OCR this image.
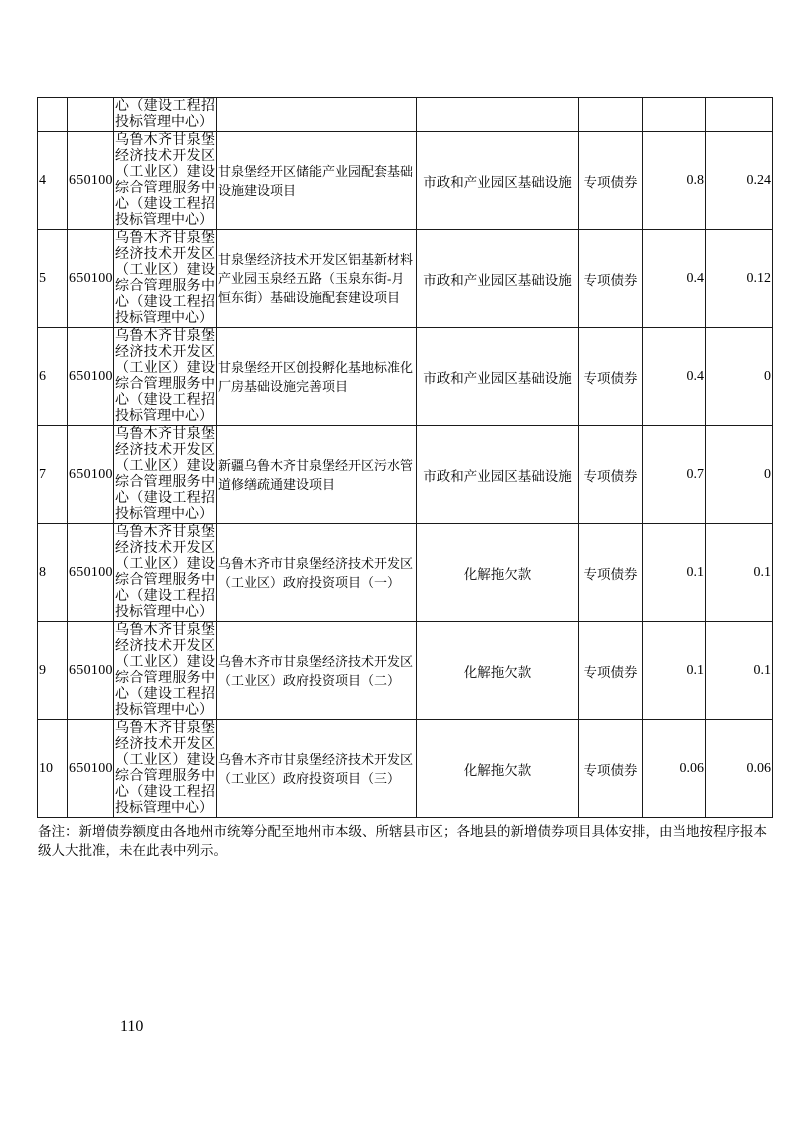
		心（建设工程招投标管理中心）					
4	650100	乌鲁木齐甘泉堡经济技术开发区（工业区）建设综合管理服务中心（建设工程招投标管理中心）	甘泉堡经开区储能产业园配套基础设施建设项目	市政和产业园区基础设施	专项债券	0.8	0.24
5	650100	乌鲁木齐甘泉堡经济技术开发区（工业区）建设综合管理服务中心（建设工程招投标管理中心）	甘泉堡经济技术开发区铝基新材料产业园玉泉经五路（玉泉东街-月恒东街）基础设施配套建设项目	市政和产业园区基础设施	专项债券	0.4	0.12
6	650100	乌鲁木齐甘泉堡经济技术开发区（工业区）建设综合管理服务中心（建设工程招投标管理中心）	甘泉堡经开区创投孵化基地标准化厂房基础设施完善项目	市政和产业园区基础设施	专项债券	0.4	0
7	650100	乌鲁木齐甘泉堡经济技术开发区（工业区）建设综合管理服务中心（建设工程招投标管理中心）	新疆乌鲁木齐甘泉堡经开区污水管道修缮疏通建设项目	市政和产业园区基础设施	专项债券	0.7	0
8	650100	乌鲁木齐甘泉堡经济技术开发区（工业区）建设综合管理服务中心（建设工程招投标管理中心）	乌鲁木齐市甘泉堡经济技术开发区（工业区）政府投资项目（一）	化解拖欠款	专项债券	0.1	0.1
9	650100	乌鲁木齐甘泉堡经济技术开发区（工业区）建设综合管理服务中心（建设工程招投标管理中心）	乌鲁木齐市甘泉堡经济技术开发区（工业区）政府投资项目（二）	化解拖欠款	专项债券	0.1	0.1
10	650100	乌鲁木齐甘泉堡经济技术开发区（工业区）建设综合管理服务中心（建设工程招投标管理中心）	乌鲁木齐市甘泉堡经济技术开发区（工业区）政府投资项目（三）	化解拖欠款	专项债券	0.06	0.06
备注：新增债券额度由各地州市统筹分配至地州市本级、所辖县市区；各地县的新增债券项目具体安排，由当地按程序报本级人大批准，未在此表中列示。
110
